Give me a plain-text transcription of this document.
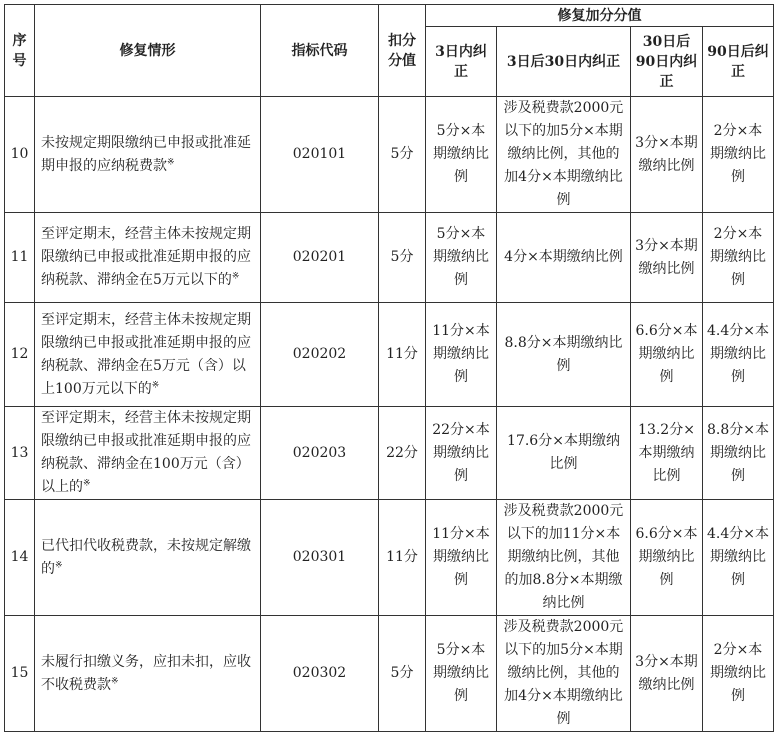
序号	修复情形	指标代码	扣分分值	修复加分分值			
				3日内纠正	3日后30日内纠正	30日后90日内纠正	90日后纠正
10	未按规定期限缴纳已申报或批准延期申报的应纳税费款※	020101	5分	5分×本期缴纳比例	涉及税费款2000元以下的加5分×本期缴纳比例，其他的加4分×本期缴纳比例	3分×本期缴纳比例	2分×本期缴纳比例
11	至评定期末，经营主体未按规定期限缴纳已申报或批准延期申报的应纳税款、滞纳金在5万元以下的※	020201	5分	5分×本期缴纳比例	4分×本期缴纳比例	3分×本期缴纳比例	2分×本期缴纳比例
12	至评定期末，经营主体未按规定期限缴纳已申报或批准延期申报的应纳税款、滞纳金在5万元（含）以上100万元以下的※	020202	11分	11分×本期缴纳比例	8.8分×本期缴纳比例	6.6分×本期缴纳比例	4.4分×本期缴纳比例
13	至评定期末，经营主体未按规定期限缴纳已申报或批准延期申报的应纳税款、滞纳金在100万元（含）以上的※	020203	22分	22分×本期缴纳比例	17.6分×本期缴纳比例	13.2分×本期缴纳比例	8.8分×本期缴纳比例
14	已代扣代收税费款，未按规定解缴的※	020301	11分	11分×本期缴纳比例	涉及税费款2000元以下的加11分×本期缴纳比例，其他的加8.8分×本期缴纳比例	6.6分×本期缴纳比例	4.4分×本期缴纳比例
15	未履行扣缴义务，应扣未扣，应收不收税费款※	020302	5分	5分×本期缴纳比例	涉及税费款2000元以下的加5分×本期缴纳比例，其他的加4分×本期缴纳比例	3分×本期缴纳比例	2分×本期缴纳比例
